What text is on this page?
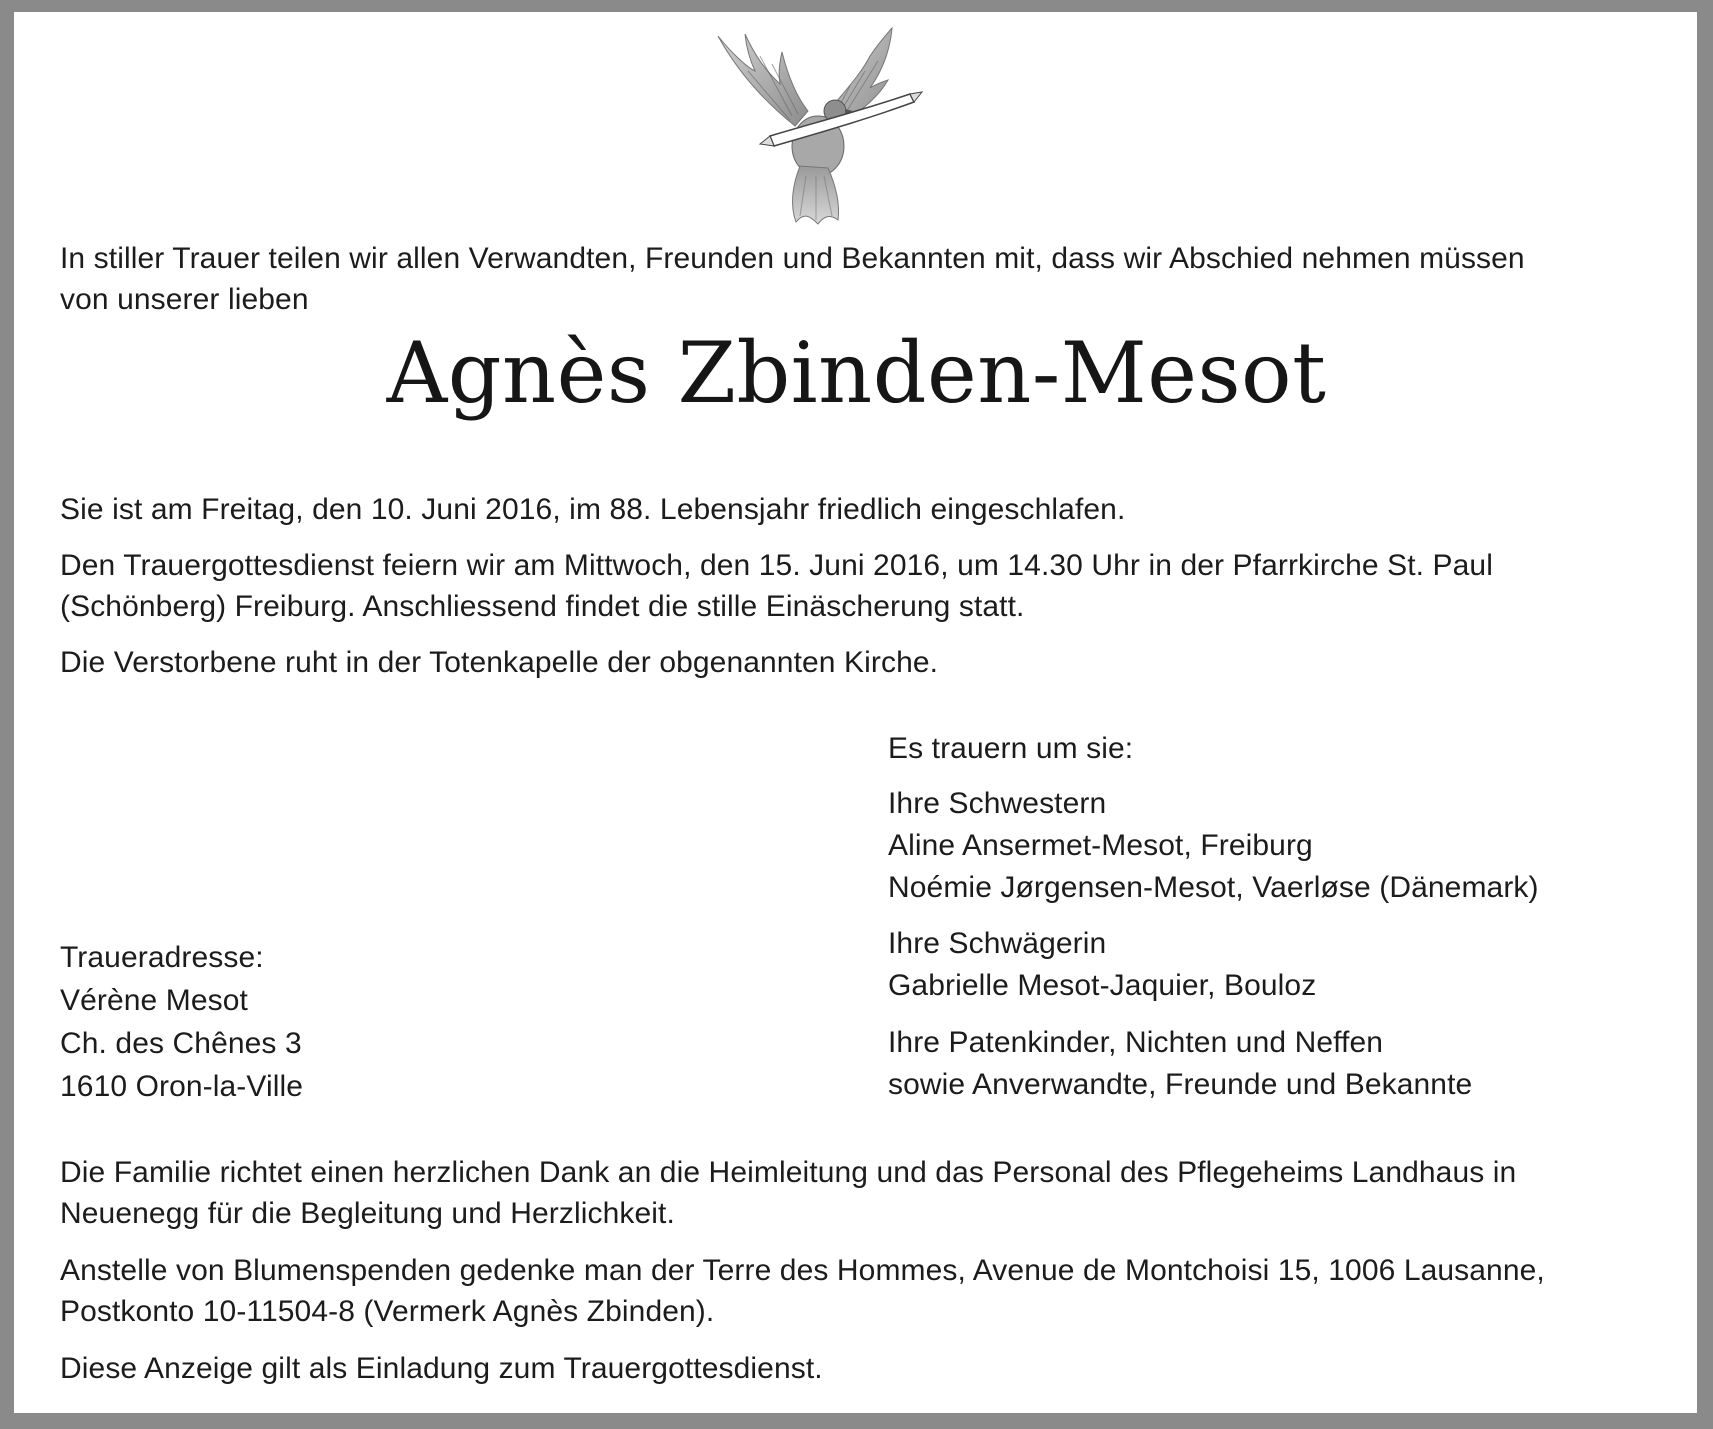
In stiller Trauer teilen wir allen Verwandten, Freunden und Bekannten mit, dass wir Abschied nehmen müssen
von unserer lieben
Agnès Zbinden-Mesot
Sie ist am Freitag, den 10. Juni 2016, im 88. Lebensjahr friedlich eingeschlafen.
Den Trauergottesdienst feiern wir am Mittwoch, den 15. Juni 2016, um 14.30 Uhr in der Pfarrkirche St. Paul
(Schönberg) Freiburg. Anschliessend findet die stille Einäscherung statt.
Die Verstorbene ruht in der Totenkapelle der obgenannten Kirche.
Es trauern um sie:
Ihre Schwestern
Aline Ansermet-Mesot, Freiburg
Noémie Jørgensen-Mesot, Vaerløse (Dänemark)
Ihre Schwägerin
Gabrielle Mesot-Jaquier, Bouloz
Ihre Patenkinder, Nichten und Neffen
sowie Anverwandte, Freunde und Bekannte
Traueradresse:
Vérène Mesot
Ch. des Chênes 3
1610 Oron-la-Ville
Die Familie richtet einen herzlichen Dank an die Heimleitung und das Personal des Pflegeheims Landhaus in
Neuenegg für die Begleitung und Herzlichkeit.
Anstelle von Blumenspenden gedenke man der Terre des Hommes, Avenue de Montchoisi 15, 1006 Lausanne,
Postkonto 10-11504-8 (Vermerk Agnès Zbinden).
Diese Anzeige gilt als Einladung zum Trauergottesdienst.
